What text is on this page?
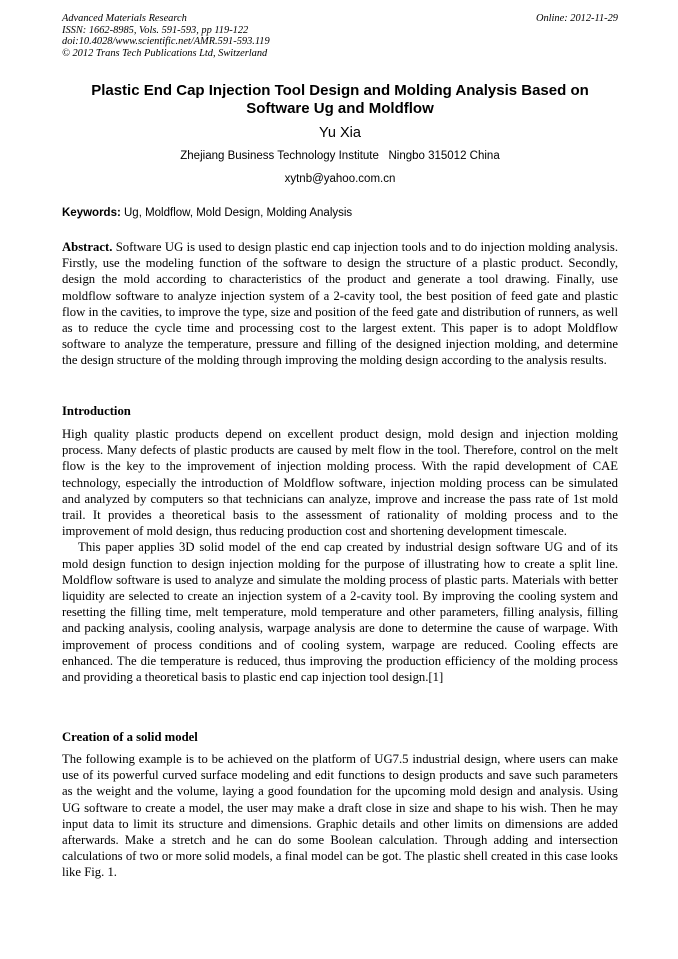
Advanced Materials Research
ISSN: 1662-8985, Vols. 591-593, pp 119-122
doi:10.4028/www.scientific.net/AMR.591-593.119
© 2012 Trans Tech Publications Ltd, Switzerland
Online: 2012-11-29
Plastic End Cap Injection Tool Design and Molding Analysis Based on Software Ug and Moldflow
Yu Xia
Zhejiang Business Technology Institute   Ningbo 315012 China
xytnb@yahoo.com.cn
Keywords: Ug, Moldflow, Mold Design, Molding Analysis

Abstract. Software UG is used to design plastic end cap injection tools and to do injection molding analysis. Firstly, use the modeling function of the software to design the structure of a plastic product. Secondly, design the mold according to characteristics of the product and generate a tool drawing. Finally, use moldflow software to analyze injection system of a 2-cavity tool, the best position of feed gate and plastic flow in the cavities, to improve the type, size and position of the feed gate and distribution of runners, as well as to reduce the cycle time and processing cost to the largest extent. This paper is to adopt Moldflow software to analyze the temperature, pressure and filling of the designed injection molding, and determine the design structure of the molding through improving the molding design according to the analysis results.

Introduction

High quality plastic products depend on excellent product design, mold design and injection molding process. Many defects of plastic products are caused by melt flow in the tool. Therefore, control on the melt flow is the key to the improvement of injection molding process. With the rapid development of CAE technology, especially the introduction of Moldflow software, injection molding process can be simulated and analyzed by computers so that technicians can analyze, improve and increase the pass rate of 1st mold trail. It provides a theoretical basis to the assessment of rationality of molding process and to the improvement of mold design, thus reducing production cost and shortening development timescale.

This paper applies 3D solid model of the end cap created by industrial design software UG and of its mold design function to design injection molding for the purpose of illustrating how to create a split line. Moldflow software is used to analyze and simulate the molding process of plastic parts. Materials with better liquidity are selected to create an injection system of a 2-cavity tool. By improving the cooling system and resetting the filling time, melt temperature, mold temperature and other parameters, filling analysis, filling and packing analysis, cooling analysis, warpage analysis are done to determine the cause of warpage. With improvement of process conditions and of cooling system, warpage are reduced. Cooling effects are enhanced. The die temperature is reduced, thus improving the production efficiency of the molding process and providing a theoretical basis to plastic end cap injection tool design.[1]

Creation of a solid model

The following example is to be achieved on the platform of UG7.5 industrial design, where users can make use of its powerful curved surface modeling and edit functions to design products and save such parameters as the weight and the volume, laying a good foundation for the upcoming mold design and analysis. Using UG software to create a model, the user may make a draft close in size and shape to his wish. Then he may input data to limit its structure and dimensions. Graphic details and other limits on dimensions are added afterwards. Make a stretch and he can do some Boolean calculation. Through adding and intersection calculations of two or more solid models, a final model can be got. The plastic shell created in this case looks like Fig. 1.
